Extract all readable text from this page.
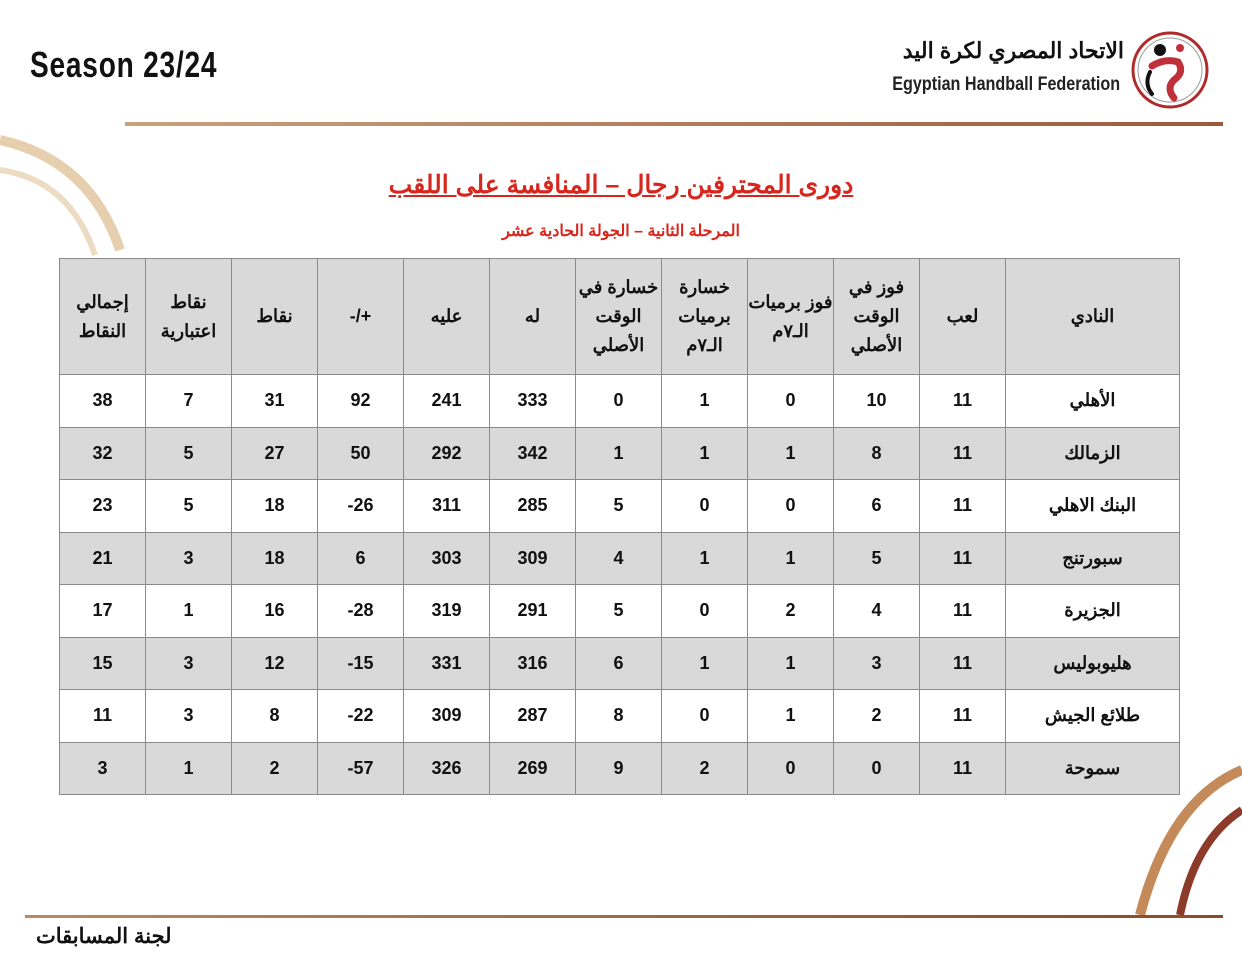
Season 23/24	الاتحاد المصري لكرة اليد
Egyptian Handball Federation
دورى المحترفين رجال – المنافسة على اللقب
المرحلة الثانية – الجولة الحادية عشر
النادي	لعب	فوز في الوقت الأصلي	فوز برميات الـ٧م	خسارة برميات الـ٧م	خسارة في الوقت الأصلي	له	عليه	+/-	نقاط	نقاط اعتبارية	إجمالي النقاط
الأهلي	11	10	0	1	0	333	241	92	31	7	38
الزمالك	11	8	1	1	1	342	292	50	27	5	32
البنك الاهلي	11	6	0	0	5	285	311	-26	18	5	23
سبورتنج	11	5	1	1	4	309	303	6	18	3	21
الجزيرة	11	4	2	0	5	291	319	-28	16	1	17
هليوبوليس	11	3	1	1	6	316	331	-15	12	3	15
طلائع الجيش	11	2	1	0	8	287	309	-22	8	3	11
سموحة	11	0	0	2	9	269	326	-57	2	1	3
لجنة المسابقات
